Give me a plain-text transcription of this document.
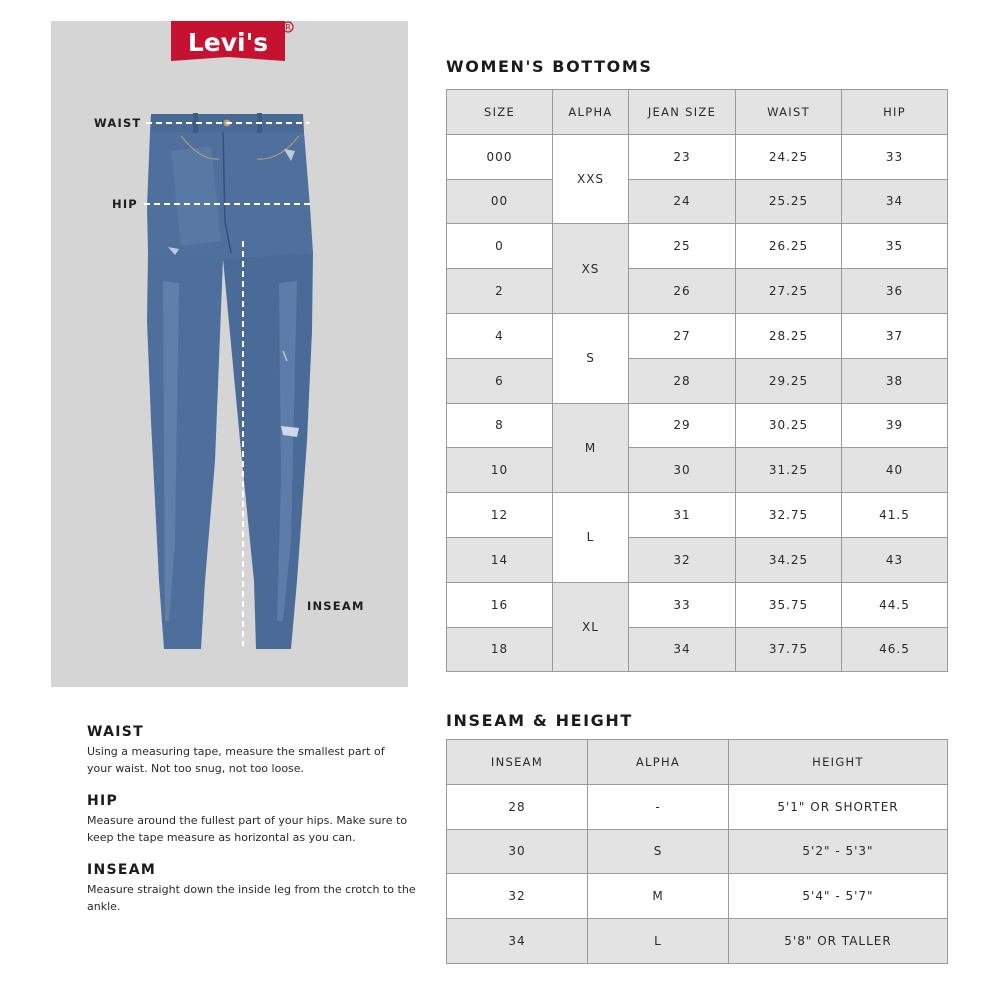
Levi's
R
WAIST
HIP
INSEAM
WOMEN'S BOTTOMS
SIZE	ALPHA	JEAN SIZE	WAIST	HIP
000	XXS	23	24.25	33
00		24	25.25	34
0	XS	25	26.25	35
2		26	27.25	36
4	S	27	28.25	37
6		28	29.25	38
8	M	29	30.25	39
10		30	31.25	40
12	L	31	32.75	41.5
14		32	34.25	43
16	XL	33	35.75	44.5
18		34	37.75	46.5
INSEAM & HEIGHT
INSEAM	ALPHA	HEIGHT
28	-	5'1" OR SHORTER
30	S	5'2" - 5'3"
32	M	5'4" - 5'7"
34	L	5'8" OR TALLER
WAIST
Using a measuring tape, measure the smallest part of your waist. Not too snug, not too loose.
HIP
Measure around the fullest part of your hips. Make sure to keep the tape measure as horizontal as you can.
INSEAM
Measure straight down the inside leg from the crotch to the ankle.
